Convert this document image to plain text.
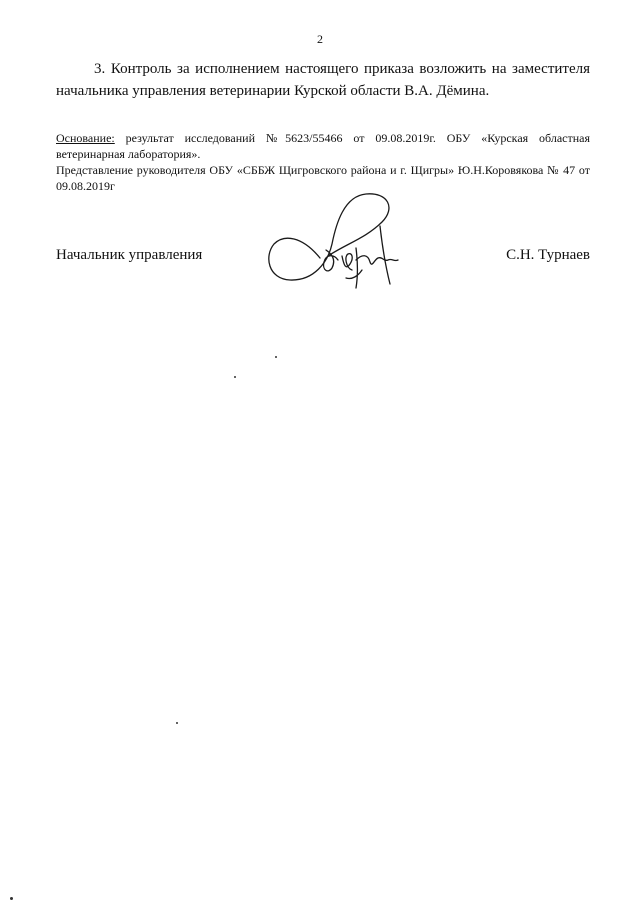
2

3. Контроль за исполнением настоящего приказа возложить на заместителя начальника управления ветеринарии Курской области В.А. Дёмина.

Основание: результат исследований №5623/55466 от 09.08.2019г. ОБУ «Курская областная ветеринарная лаборатория».

Представление руководителя ОБУ «СББЖ Щигровского района и г. Щигры» Ю.Н.Коровякова № 47 от 09.08.2019г

Начальник управления	С.Н. Турнаев
